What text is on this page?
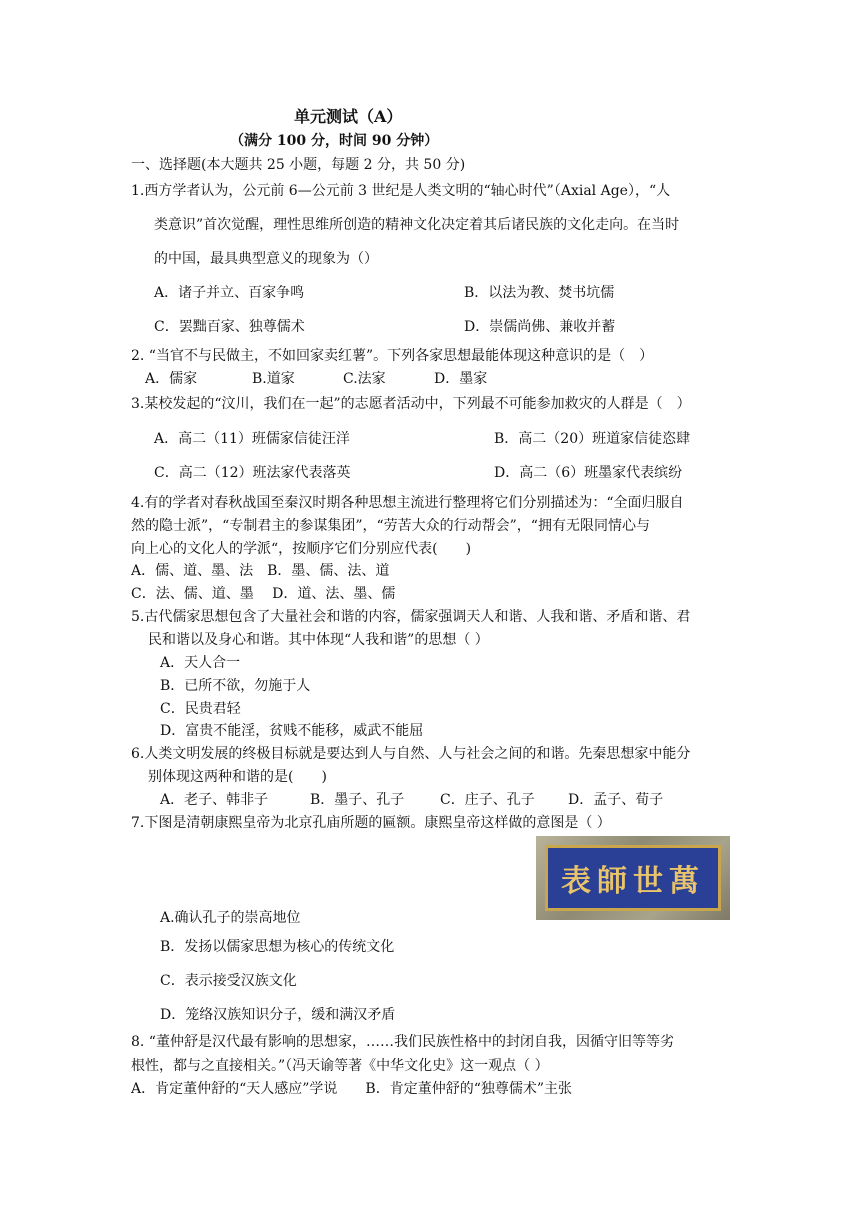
单元测试（A）
（满分 100 分，时间 90 分钟）
一、选择题(本大题共 25 小题，每题 2 分，共 50 分)
1.西方学者认为，公元前 6—公元前 3 世纪是人类文明的“轴心时代”（Axial Age），“人
类意识”首次觉醒，理性思维所创造的精神文化决定着其后诸民族的文化走向。在当时
的中国，最具典型意义的现象为（）
A．诸子并立、百家争鸣	B．以法为教、焚书坑儒
C．罢黜百家、独尊儒术	D．崇儒尚佛、兼收并蓄
2. “当官不与民做主，不如回家卖红薯”。下列各家思想最能体现这种意识的是（　）
A．儒家	B.道家	C.法家	D．墨家
3.某校发起的“汶川，我们在一起”的志愿者活动中，下列最不可能参加救灾的人群是（　）
A．高二（11）班儒家信徒汪洋	B．高二（20）班道家信徒恣肆
C．高二（12）班法家代表落英	D．高二（6）班墨家代表缤纷
4.有的学者对春秋战国至秦汉时期各种思想主流进行整理将它们分别描述为：“全面归服自
然的隐士派”，“专制君主的参谋集团”，“劳苦大众的行动帮会”，“拥有无限同情心与
向上心的文化人的学派“，按顺序它们分别应代表(　　)
A．儒、道、墨、法　B．墨、儒、法、道
C．法、儒、道、墨　 D．道、法、墨、儒
5.古代儒家思想包含了大量社会和谐的内容，儒家强调天人和谐、人我和谐、矛盾和谐、君
民和谐以及身心和谐。其中体现“人我和谐”的思想（ ）
A．天人合一
B．已所不欲，勿施于人
C．民贵君轻
D．富贵不能淫，贫贱不能移，威武不能屈
6.人类文明发展的终极目标就是要达到人与自然、人与社会之间的和谐。先秦思想家中能分
别体现这两种和谐的是(　　)
A．老子、韩非子	B．墨子、孔子	C．庄子、孔子 D．孟子、荀子
7.下图是清朝康熙皇帝为北京孔庙所题的匾额。康熙皇帝这样做的意图是（ ）
表師世萬
A.确认孔子的崇高地位
B．发扬以儒家思想为核心的传统文化
C．表示接受汉族文化
D．笼络汉族知识分子，缓和满汉矛盾
8. “董仲舒是汉代最有影响的思想家，……我们民族性格中的封闭自我，因循守旧等等劣
根性，都与之直接相关。”（冯天谕等著《中华文化史》这一观点（ ）
A．肯定董仲舒的“天人感应”学说　　B．肯定董仲舒的“独尊儒术”主张
